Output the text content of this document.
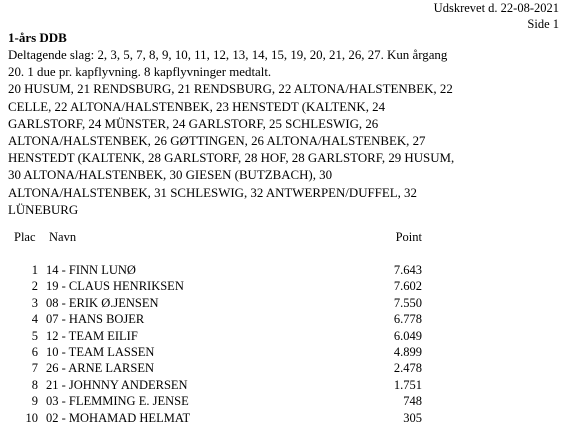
Udskrevet d. 22-08-2021
Side 1
1-års DDB
Deltagende slag: 2, 3, 5, 7, 8, 9, 10, 11, 12, 13, 14, 15, 19, 20, 21, 26, 27. Kun årgang
20. 1 due pr. kapflyvning. 8 kapflyvninger medtalt.
20 HUSUM, 21 RENDSBURG, 21 RENDSBURG, 22 ALTONA/HALSTENBEK, 22
CELLE, 22 ALTONA/HALSTENBEK, 23 HENSTEDT (KALTENK, 24
GARLSTORF, 24 MÜNSTER, 24 GARLSTORF, 25 SCHLESWIG, 26
ALTONA/HALSTENBEK, 26 GØTTINGEN, 26 ALTONA/HALSTENBEK, 27
HENSTEDT (KALTENK, 28 GARLSTORF, 28 HOF, 28 GARLSTORF, 29 HUSUM,
30 ALTONA/HALSTENBEK, 30 GIESEN (BUTZBACH), 30
ALTONA/HALSTENBEK, 31 SCHLESWIG, 32 ANTWERPEN/DUFFEL, 32
LÜNEBURG
Plac Navn	Point
1 14 - FINN LUNØ	7.643
2 19 - CLAUS HENRIKSEN	7.602
3 08 - ERIK Ø.JENSEN	7.550
4 07 - HANS BOJER	6.778
5 12 - TEAM EILIF	6.049
6 10 - TEAM LASSEN	4.899
7 26 - ARNE LARSEN	2.478
8 21 - JOHNNY ANDERSEN	1.751
9 03 - FLEMMING E. JENSE	748
10 02 - MOHAMAD HELMAT	305
